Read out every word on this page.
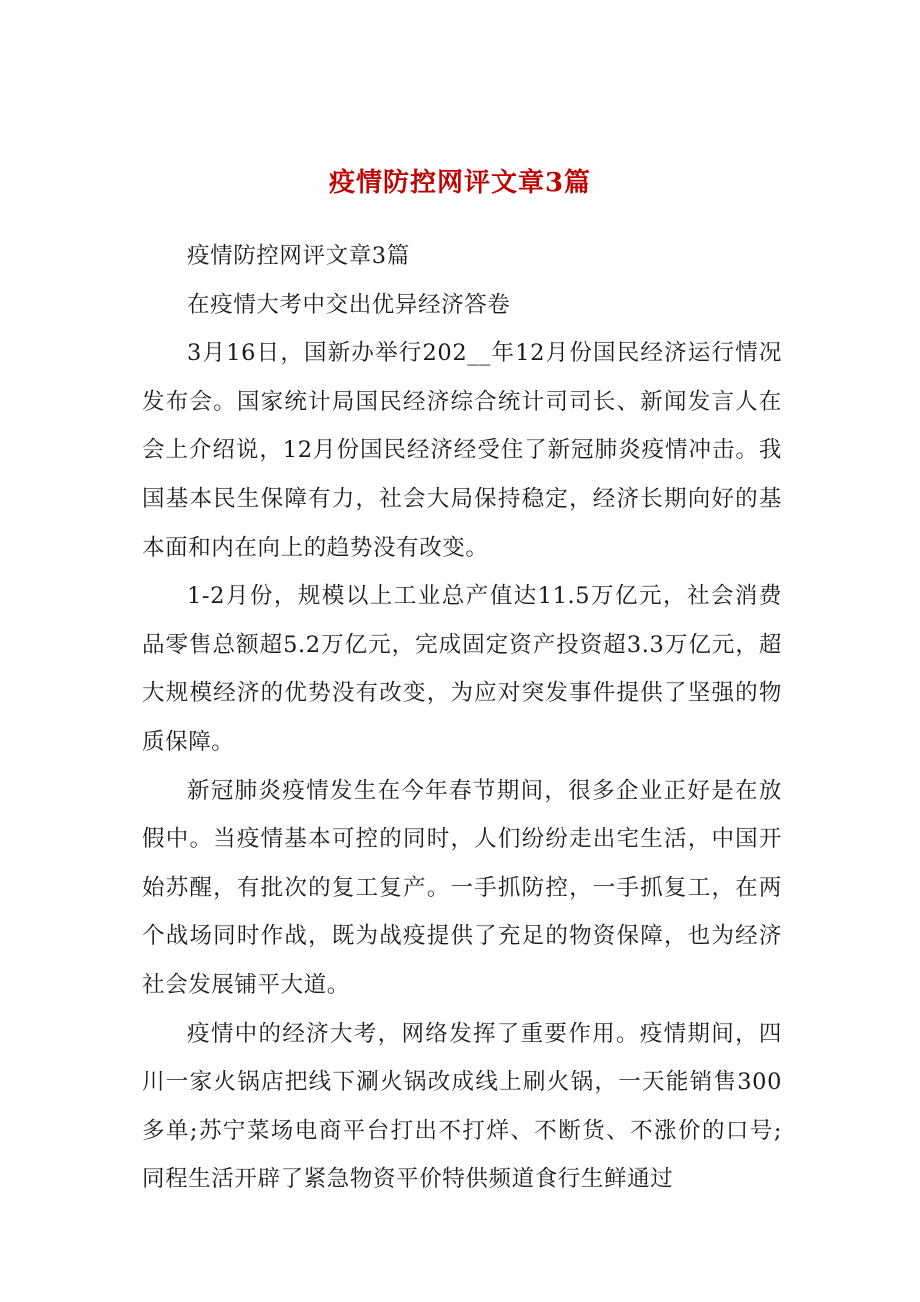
疫情防控网评文章3篇

疫情防控网评文章3篇

在疫情大考中交出优异经济答卷

3月16日，国新办举行202__年12月份国民经济运行情况发布会。国家统计局国民经济综合统计司司长、新闻发言人在会上介绍说，12月份国民经济经受住了新冠肺炎疫情冲击。我国基本民生保障有力，社会大局保持稳定，经济长期向好的基本面和内在向上的趋势没有改变。

1-2月份，规模以上工业总产值达11.5万亿元，社会消费品零售总额超5.2万亿元，完成固定资产投资超3.3万亿元，超大规模经济的优势没有改变，为应对突发事件提供了坚强的物质保障。

新冠肺炎疫情发生在今年春节期间，很多企业正好是在放假中。当疫情基本可控的同时，人们纷纷走出宅生活，中国开始苏醒，有批次的复工复产。一手抓防控，一手抓复工，在两个战场同时作战，既为战疫提供了充足的物资保障，也为经济社会发展铺平大道。

疫情中的经济大考，网络发挥了重要作用。疫情期间，四川一家火锅店把线下涮火锅改成线上刷火锅，一天能销售300多单;苏宁菜场电商平台打出不打烊、不断货、不涨价的口号;同程生活开辟了紧急物资平价特供频道食行生鲜通过
